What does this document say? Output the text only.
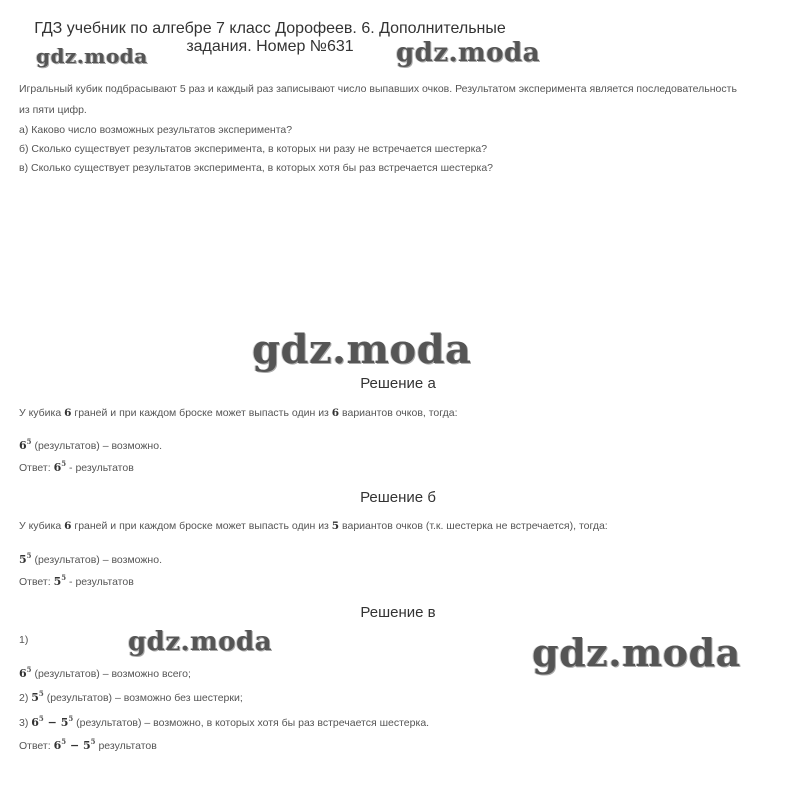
ГДЗ учебник по алгебре 7 класс Дорофеев. 6. Дополнительные задания. Номер №631
gdz.moda	gdz.moda
Игральный кубик подбрасывают 5 раз и каждый раз записывают число выпавших очков. Результатом эксперимента является последовательность
из пяти цифр.
а) Каково число возможных результатов эксперимента?
б) Сколько существует результатов эксперимента, в которых ни разу не встречается шестерка?
в) Сколько существует результатов эксперимента, в которых хотя бы раз встречается шестерка?
gdz.moda
Решение а
У кубика 6 граней и при каждом броске может выпасть один из 6 вариантов очков, тогда:
$6^5$ (результатов) – возможно.
Ответ: $6^5$ - результатов
Решение б
У кубика 6 граней и при каждом броске может выпасть один из 5 вариантов очков (т.к. шестерка не встречается), тогда:
$5^5$ (результатов) – возможно.
Ответ: $5^5$ - результатов
Решение в
1)	gdz.moda	gdz.moda
$6^5$ (результатов) – возможно всего;
2) $5^5$ (результатов) – возможно без шестерки;
3) $6^5 - 5^5$ (результатов) – возможно, в которых хотя бы раз встречается шестерка.
Ответ: $6^5 - 5^5$ результатов
